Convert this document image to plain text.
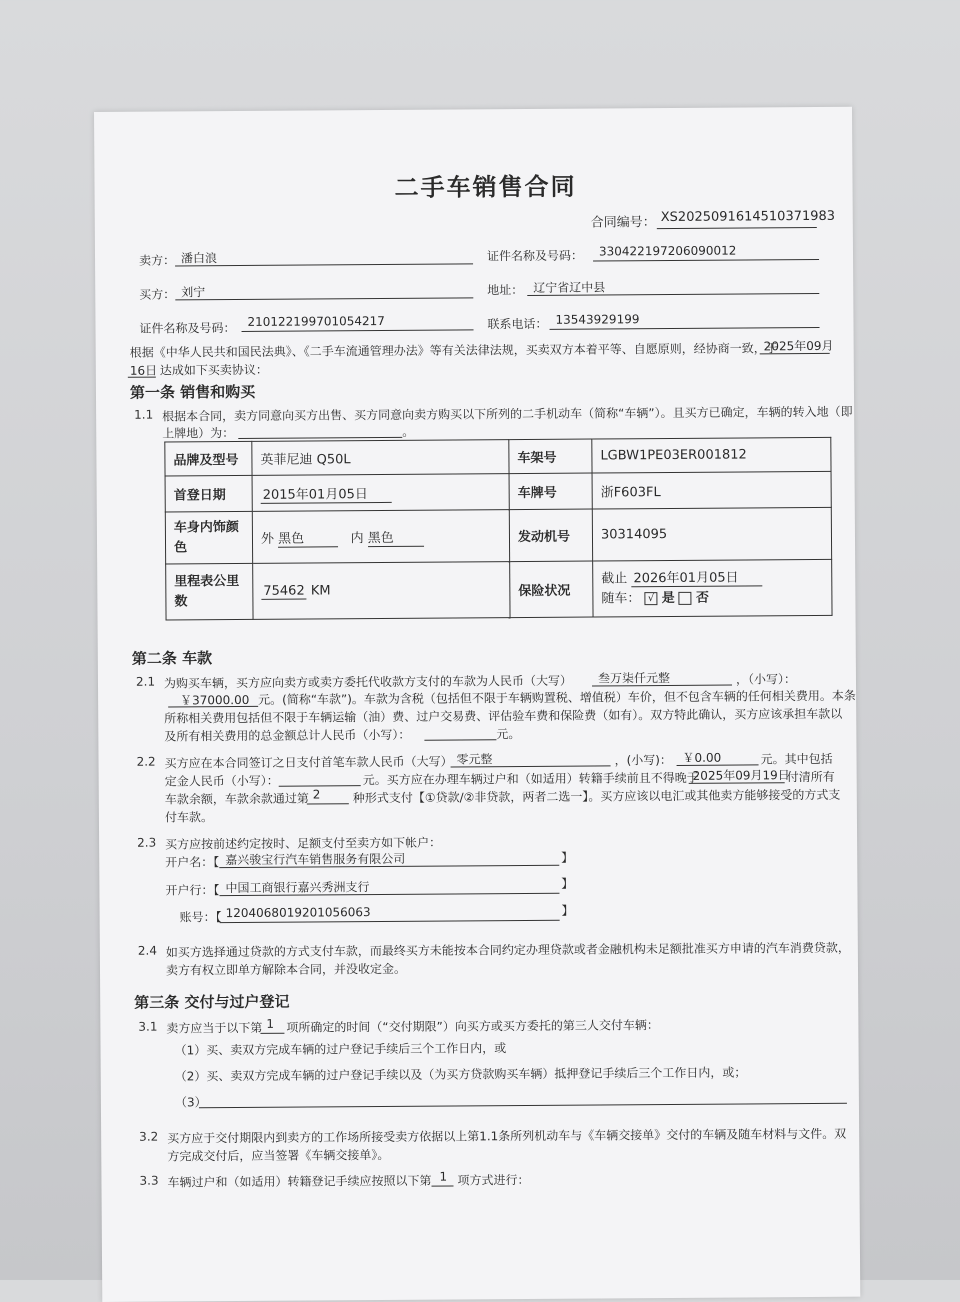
二手车销售合同
合同编号： XS2025091614510371983
卖方： 潘白浪	证件名称及号码： 330422197206090012
买方： 刘宁	地址： 辽宁省辽中县
证件名称及号码： 210122199701054217	联系电话： 13543929199
根据《中华人民共和国民法典》、《二手车流通管理办法》等有关法律法规，买卖双方本着平等、自愿原则，经协商一致，于
2025年09月
16日 达成如下买卖协议：
第一条 销售和购买
1.1 根据本合同，卖方同意向买方出售、买方同意向卖方购买以下所列的二手机动车（简称“车辆”）。且买方已确定，车辆的转入地（即
上牌地）为：	。
品牌及型号	英菲尼迪 Q50L	车架号	LGBW1PE03ER001812
首登日期	2015年01月05日	车牌号	浙F603FL
车身内饰颜色	外 黑色 内 黑色	发动机号	30314095
里程表公里数	75462 KM	保险状况	截止 2026年01月05日
随车： √ 是 否
第二条 车款
2.1 为购买车辆，买方应向卖方或卖方委托代收款方支付的车款为人民币（大写） 叁万柒仟元整	，（小写）：
￥37000.00 元。(简称“车款”)。车款为含税（包括但不限于车辆购置税、增值税）车价，但不包含车辆的任何相关费用。本条
所称相关费用包括但不限于车辆运输（油）费、过户交易费、评估验车费和保险费（如有）。双方特此确认，买方应该承担车款以
及所有相关费用的总金额总计人民币（小写）：	元。
2.2 买方应在本合同签订之日支付首笔车款人民币（大写） 零元整	，(小写)： ￥0.00	元。其中包括
定金人民币（小写）：	元。买方应在办理车辆过户和（如适用）转籍手续前且不得晚于
2025年09月19日
付清所有
车款余额，车款余款通过第 2	种形式支付【①贷款/②非贷款，两者二选一】。买方应该以电汇或其他卖方能够接受的方式支
付车款。
2.3 买方应按前述约定按时、足额支付至卖方如下帐户：
开户名：【 嘉兴骏宝行汽车销售服务有限公司	】
开户行：【 中国工商银行嘉兴秀洲支行	】
账号：【 1204068019201056063	】
2.4 如买方选择通过贷款的方式支付车款，而最终买方未能按本合同约定办理贷款或者金融机构未足额批准买方申请的汽车消费贷款，
卖方有权立即单方解除本合同，并没收定金。
第三条 交付与过户登记
3.1 卖方应当于以下第 1 项所确定的时间（“交付期限”）向买方或买方委托的第三人交付车辆：
（1）买、卖双方完成车辆的过户登记手续后三个工作日内，或
（2）买、卖双方完成车辆的过户登记手续以及（为买方贷款购买车辆）抵押登记手续后三个工作日内，或；
（3）
3.2 买方应于交付期限内到卖方的工作场所接受卖方依据以上第1.1条所列机动车与《车辆交接单》交付的车辆及随车材料与文件。双
方完成交付后，应当签署《车辆交接单》。
3.3 车辆过户和（如适用）转籍登记手续应按照以下第 1 项方式进行：
